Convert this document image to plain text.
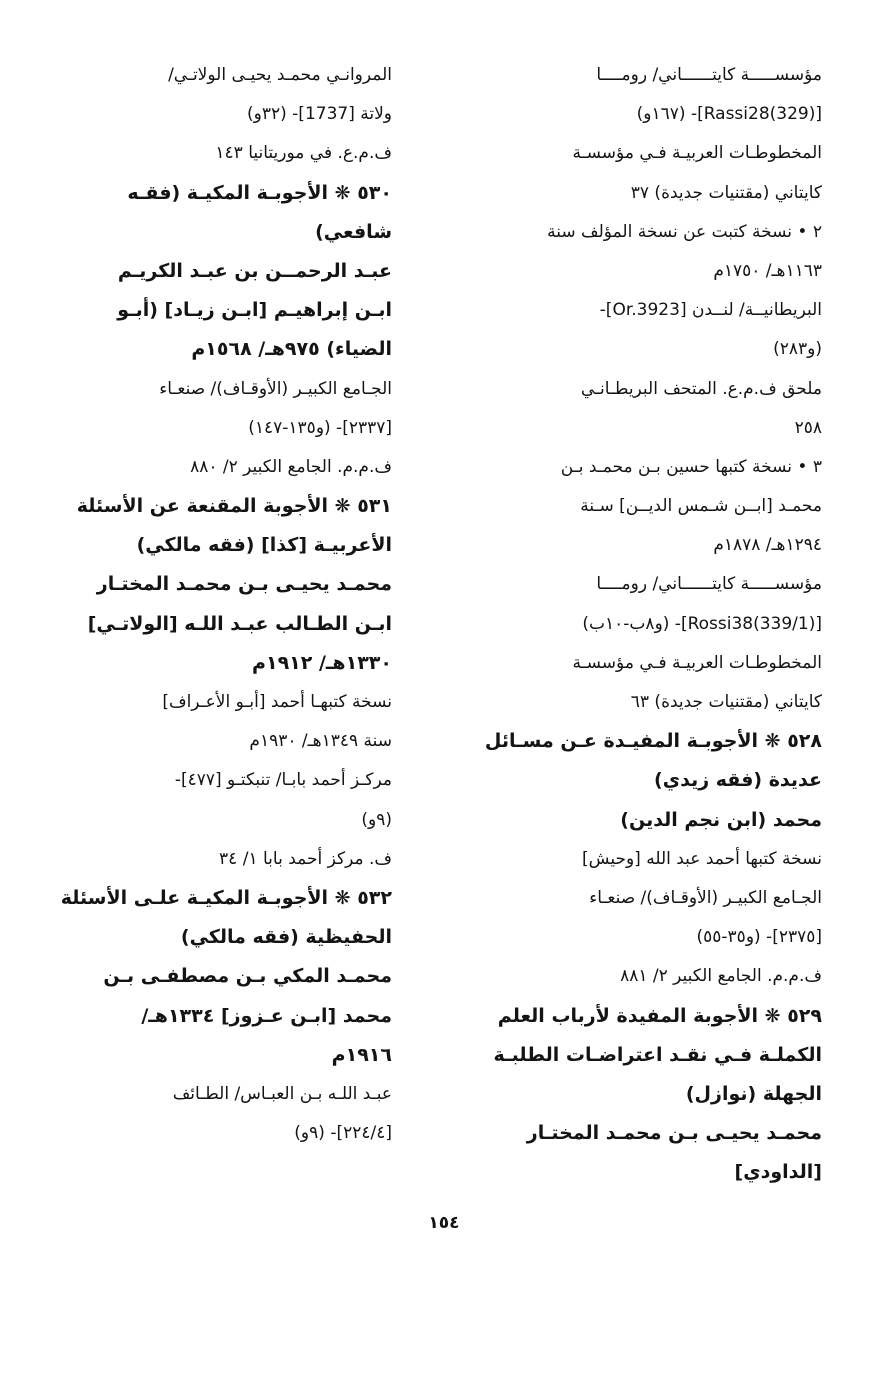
مؤسســـــة كايتــــــاني/ رومــــا
[Rassi28(329)]- (١٦٧و)
المخطوطـات العربيـة فـي مؤسسـة
كايتاني (مقتنيات جديدة) ٣٧
٢ • نسخة كتبت عن نسخة المؤلف سنة
١١٦٣هـ/ ١٧٥٠م
البريطانيــة/ لنــدن [Or.3923]-
(و٢٨٣)
ملحق ف.م.ع. المتحف البريطـانـي
٢٥٨
٣ • نسخة كتبها حسين بـن محمـد بـن
محمـد [ابــن شـمس الديــن] سـنة
١٢٩٤هـ/ ١٨٧٨م
مؤسســـــة كايتــــــاني/ رومــــا
[Rossi38(339/1)]- (و٨ب-١٠ب)
المخطوطـات العربيـة فـي مؤسسـة
كايتاني (مقتنيات جديدة) ٦٣
٥٢٨ ❋ الأجوبـة المفيـدة عـن مسـائل
عديدة (فقه زيدي)
محمد (ابن نجم الدين)
نسخة كتبها أحمد عبد الله [وحيش]
الجـامع الكبيـر (الأوقـاف)/ صنعـاء
[٢٣٧٥]- (و٣٥-٥٥)
ف.م.م. الجامع الكبير ٢/ ٨٨١
٥٢٩ ❋ الأجوبة المفيدة لأرباب العلم
الكملـة فـي نقـد اعتراضـات الطلبـة
الجهلة (نوازل)
محمـد يحيـى بـن محمـد المختـار
[الداودي]
المروانـي محمـد يحيـى الولاتـي/
ولاتة [1737]- (٣٢و)
ف.م.ع. في موريتانيا ١٤٣
٥٣٠ ❋ الأجوبـة المكيـة (فقـه
شافعي)
عبـد الرحمــن بن عبـد الكريـم
ابـن إبراهيـم [ابـن زيـاد] (أبـو
الضياء) ٩٧٥هـ/ ١٥٦٨م
الجـامع الكبيـر (الأوقـاف)/ صنعـاء
[٢٣٣٧]- (و١٣٥-١٤٧)
ف.م.م. الجامع الكبير ٢/ ٨٨٠
٥٣١ ❋ الأجوبة المقنعة عن الأسئلة
الأعربيـة [كذا] (فقه مالكي)
محمـد يحيـى بـن محمـد المختـار
ابـن الطـالب عبـد اللـه [الولاتـي]
١٣٣٠هـ/ ١٩١٢م
نسخة كتبهـا أحمد [أبـو الأعـراف]
سنة ١٣٤٩هـ/ ١٩٣٠م
مركـز أحمد بابـا/ تنبكتـو [٤٧٧]-
(٩و)
ف. مركز أحمد بابا ١/ ٣٤
٥٣٢ ❋ الأجوبـة المكيـة علـى الأسئلة
الحفيظية (فقه مالكي)
محمـد المكي بـن مصطفـى بـن
محمد [ابـن عـزوز] ١٣٣٤هـ/
١٩١٦م
عبـد اللـه بـن العبـاس/ الطـائف
[٢٢٤/٤]- (٩و)
١٥٤
